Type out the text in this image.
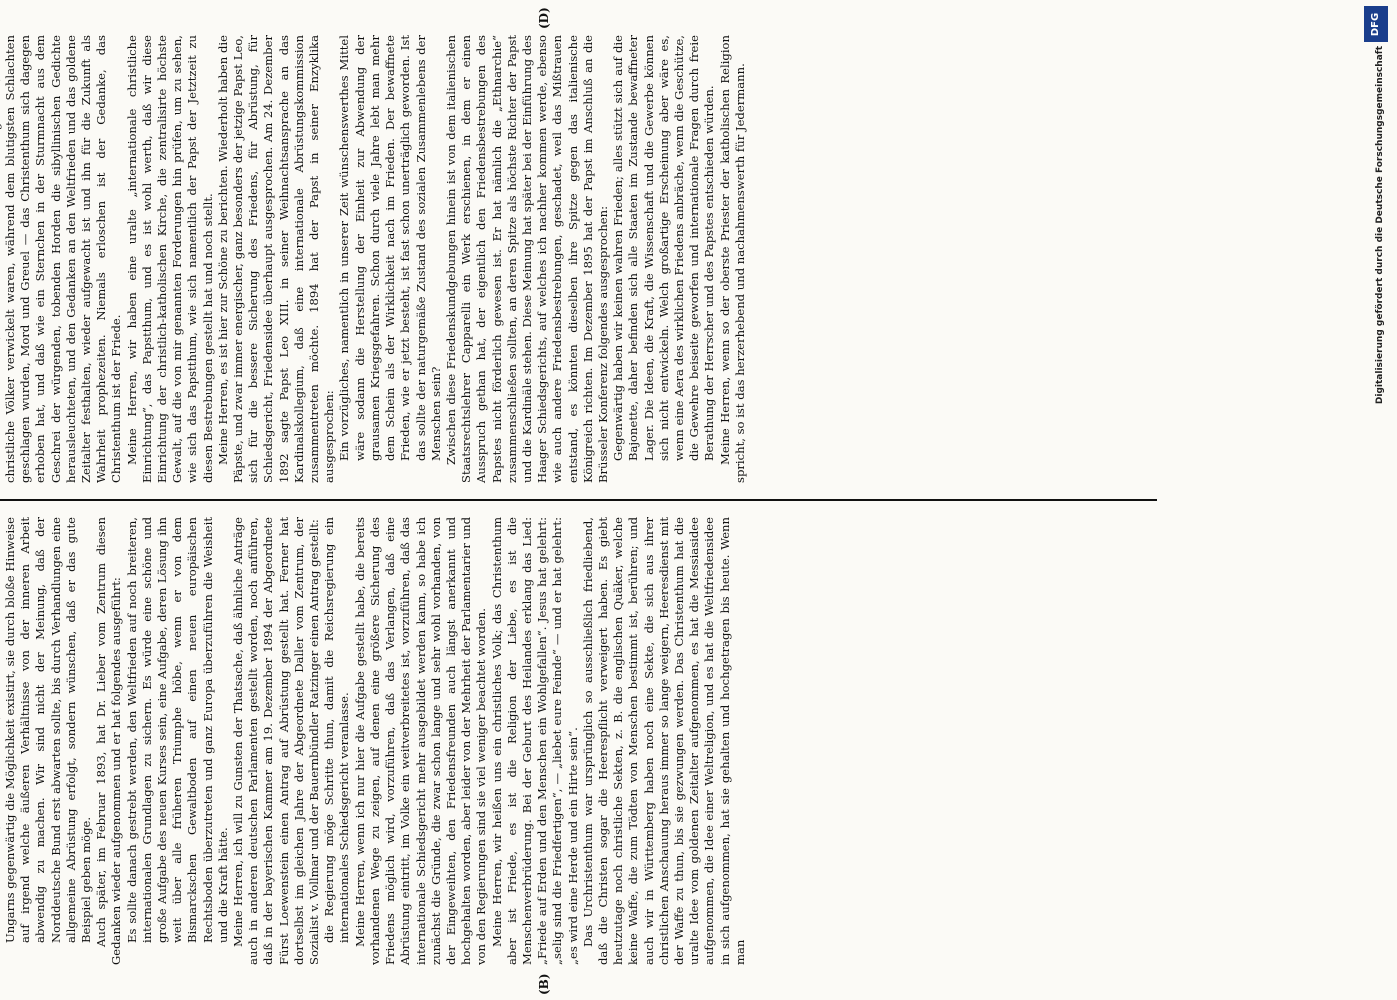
(B)
(D)

Ungarns gegenwärtig die Möglichkeit existirt, sie durch bloße Hinweise auf irgend welche äußeren Verhältnisse von der inneren Arbeit abwendig zu machen. Wir sind nicht der Meinung, daß der Norddeutsche Bund erst abwarten sollte, bis durch Verhandlungen eine allgemeine Abrüstung erfolgt, sondern wünschen, daß er das gute Beispiel geben möge. Auch später, im Februar 1893, hat Dr. Lieber vom Zentrum diesen Gedanken wieder aufgenommen und er hat folgendes ausgeführt: Es sollte danach gestrebt werden, den Weltfrieden auf noch breiteren, internationalen Grundlagen zu sichern. Es würde eine schöne und große Aufgabe des neuen Kurses sein, eine Aufgabe, deren Lösung ihn weit über alle früheren Triumphe höbe, wenn er von dem Bismarckschen Gewaltboden auf einen neuen europäischen Rechtsboden überzutreten und ganz Europa überzuführen die Weisheit und die Kraft hätte. Meine Herren, ich will zu Gunsten der Thatsache, daß ähnliche Anträge auch in anderen deutschen Parlamenten gestellt worden, noch anführen, daß in der bayerischen Kammer am 19. Dezember 1894 der Abgeordnete Fürst Loewenstein einen Antrag auf Abrüstung gestellt hat. Ferner hat dortselbst im gleichen Jahre der Abgeordnete Daller vom Zentrum, der Sozialist v. Vollmar und der Bauernbündler Ratzinger einen Antrag gestellt: die Regierung möge Schritte thun, damit die Reichsregierung ein internationales Schiedsgericht veranlasse. Meine Herren, wenn ich nur hier die Aufgabe gestellt habe, die bereits vorhandenen Wege zu zeigen, auf denen eine größere Sicherung des Friedens möglich wird, vorzuführen, daß das Verlangen, daß eine Abrüstung eintritt, im Volke ein weitverbreitetes ist, vorzuführen, daß das internationale Schiedsgericht mehr ausgebildet werden kann, so habe ich zunächst die Gründe, die zwar schon lange und sehr wohl vorhanden, von der Eingeweihten, den Friedensfreunden auch längst anerkannt und hochgehalten worden, aber leider von der Mehrheit der Parlamentarier und von den Regierungen sind sie viel weniger beachtet worden. Meine Herren, wir heißen uns ein christliches Volk; das Christenthum aber ist Friede, es ist die Religion der Liebe, es ist die Menschenverbrüderung. Bei der Geburt des Heilandes erklang das Lied: „Friede auf Erden und den Menschen ein Wohlgefallen“. Jesus hat gelehrt: „selig sind die Friedfertigen“, — „liebet eure Feinde“ — und er hat gelehrt: „es wird eine Herde und ein Hirte sein“. Das Urchristenthum war ursprünglich so ausschließlich friedliebend, daß die Christen sogar die Heerespflicht verweigert haben. Es giebt heutzutage noch christliche Sekten, z. B. die englischen Quäker, welche keine Waffe, die zum Tödten von Menschen bestimmt ist, berühren; und auch wir in Württemberg haben noch eine Sekte, die sich aus ihrer christlichen Anschauung heraus immer so lange weigern, Heeresdienst mit der Waffe zu thun, bis sie gezwungen werden. Das Christenthum hat die uralte Idee vom goldenen Zeitalter aufgenommen, es hat die Messiasidee aufgenommen, die Idee einer Weltreligion, und es hat die Weltfriedensidee in sich aufgenommen, hat sie gehalten und hochgetragen bis heute. Wenn man

christliche Völker verwickelt waren, während dem blutigsten Schlachten geschlagen wurden, Mord und Greuel — das Christenthum sich dagegen erhoben hat, und daß wie ein Sternchen in der Sturmnacht aus dem Geschrei der würgenden, tobenden Horden die sibyllinischen Gedichte herausleuchteten, und den Gedanken an den Weltfrieden und das goldene Zeitalter festhalten, wieder aufgewacht ist und ihn für die Zukunft als Wahrheit prophezeiten. Niemals erloschen ist der Gedanke, das Christenthum ist der Friede. Meine Herren, wir haben eine uralte „internationale christliche Einrichtung“, das Papstthum, und es ist wohl werth, daß wir diese Einrichtung der christlich-katholischen Kirche, die zentralisirte höchste Gewalt, auf die von mir genannten Forderungen hin prüfen, um zu sehen, wie sich das Papstthum, wie sich namentlich der Papst der Jetztzeit zu diesen Bestrebungen gestellt hat und noch stellt. Meine Herren, es ist hier zur Schöne zu berichten. Wiederholt haben die Päpste, und zwar immer energischer, ganz besonders der jetzige Papst Leo, sich für die bessere Sicherung des Friedens, für Abrüstung, für Schiedsgericht, Friedensidee überhaupt ausgesprochen. Am 24. Dezember 1892 sagte Papst Leo XIII. in seiner Weihnachtsansprache an das Kardinalskollegium, daß eine internationale Abrüstungskommission zusammentreten möchte. 1894 hat der Papst in seiner Enzyklika ausgesprochen: Ein vorzügliches, namentlich in unserer Zeit wünschenswerthes Mittel wäre sodann die Herstellung der Einheit zur Abwendung der grausamen Kriegsgefahren. Schon durch viele Jahre lebt man mehr dem Schein als der Wirklichkeit nach im Frieden. Der bewaffnete Frieden, wie er jetzt besteht, ist fast schon unerträglich geworden. Ist das sollte der naturgemäße Zustand des sozialen Zusammenlebens der Menschen sein? Zwischen diese Friedenskundgebungen hinein ist von dem italienischen Staatsrechtslehrer Capparelli ein Werk erschienen, in dem er einen Ausspruch gethan hat, der eigentlich den Friedensbestrebungen des Papstes nicht förderlich gewesen ist. Er hat nämlich die „Ethnarchie“ zusammenschließen sollten, an deren Spitze als höchste Richter der Papst und die Kardinäle stehen. Diese Meinung hat später bei der Einführung des Haager Schiedsgerichts, auf welches ich nachher kommen werde, ebenso wie auch andere Friedensbestrebungen, geschadet, weil das Mißtrauen entstand, es könnten dieselben ihre Spitze gegen das italienische Königreich richten. Im Dezember 1895 hat der Papst im Anschluß an die Brüsseler Konferenz folgendes ausgesprochen: Gegenwärtig haben wir keinen wahren Frieden; alles stützt sich auf die Bajonette, daher befinden sich alle Staaten im Zustande bewaffneter Lager. Die Ideen, die Kraft, die Wissenschaft und die Gewerbe können sich nicht entwickeln. Welch großartige Erscheinung aber wäre es, wenn eine Aera des wirklichen Friedens anbräche, wenn die Geschütze, die Gewehre beiseite geworfen und internationale Fragen durch freie Berathung der Herrscher und des Papstes entschieden würden. Meine Herren, wenn so der oberste Priester der katholischen Religion spricht, so ist das herzerhebend und nachahmenswerth für Jedermann.

DFG
Digitalisierung gefördert durch die Deutsche Forschungsgemeinschaft
